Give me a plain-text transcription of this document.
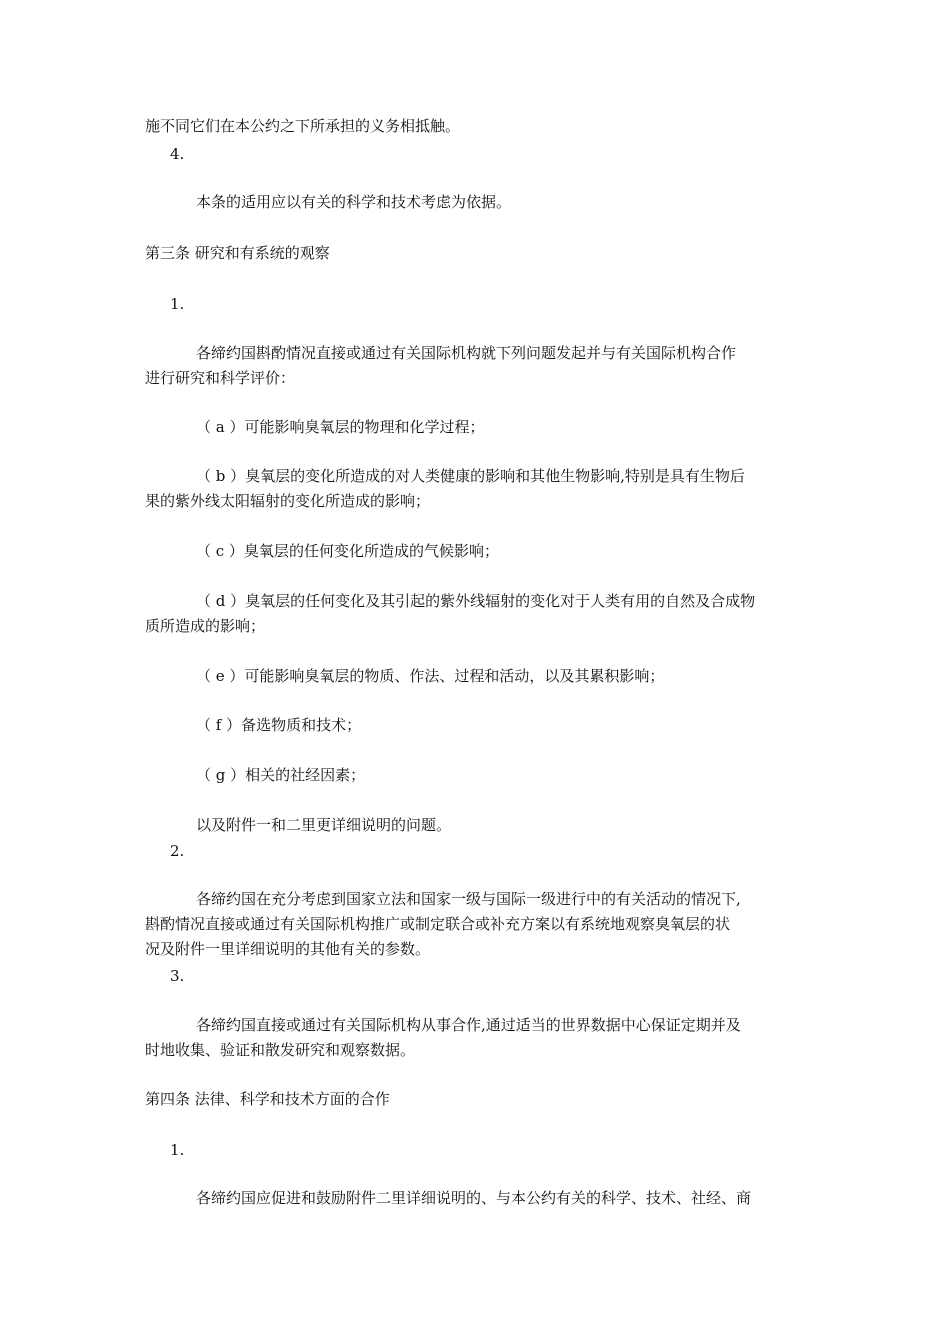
施不同它们在本公约之下所承担的义务相抵触。

4.

本条的适用应以有关的科学和技术考虑为依据。

第三条 研究和有系统的观察

1.

各缔约国斟酌情况直接或通过有关国际机构就下列问题发起并与有关国际机构合作

进行研究和科学评价：

（ a ）可能影响臭氧层的物理和化学过程；

（ b ）臭氧层的变化所造成的对人类健康的影响和其他生物影响,特别是具有生物后

果的紫外线太阳辐射的变化所造成的影响；

（ c ）臭氧层的任何变化所造成的气候影响；

（ d ）臭氧层的任何变化及其引起的紫外线辐射的变化对于人类有用的自然及合成物

质所造成的影响；

（ e ）可能影响臭氧层的物质、作法、过程和活动，以及其累积影响；

（ f ）备选物质和技术；

（ g ）相关的社经因素；

以及附件一和二里更详细说明的问题。

2.

各缔约国在充分考虑到国家立法和国家一级与国际一级进行中的有关活动的情况下,

斟酌情况直接或通过有关国际机构推广或制定联合或补充方案以有系统地观察臭氧层的状

况及附件一里详细说明的其他有关的参数。

3.

各缔约国直接或通过有关国际机构从事合作,通过适当的世界数据中心保证定期并及

时地收集、验证和散发研究和观察数据。

第四条 法律、科学和技术方面的合作

1.

各缔约国应促进和鼓励附件二里详细说明的、与本公约有关的科学、技术、社经、商
